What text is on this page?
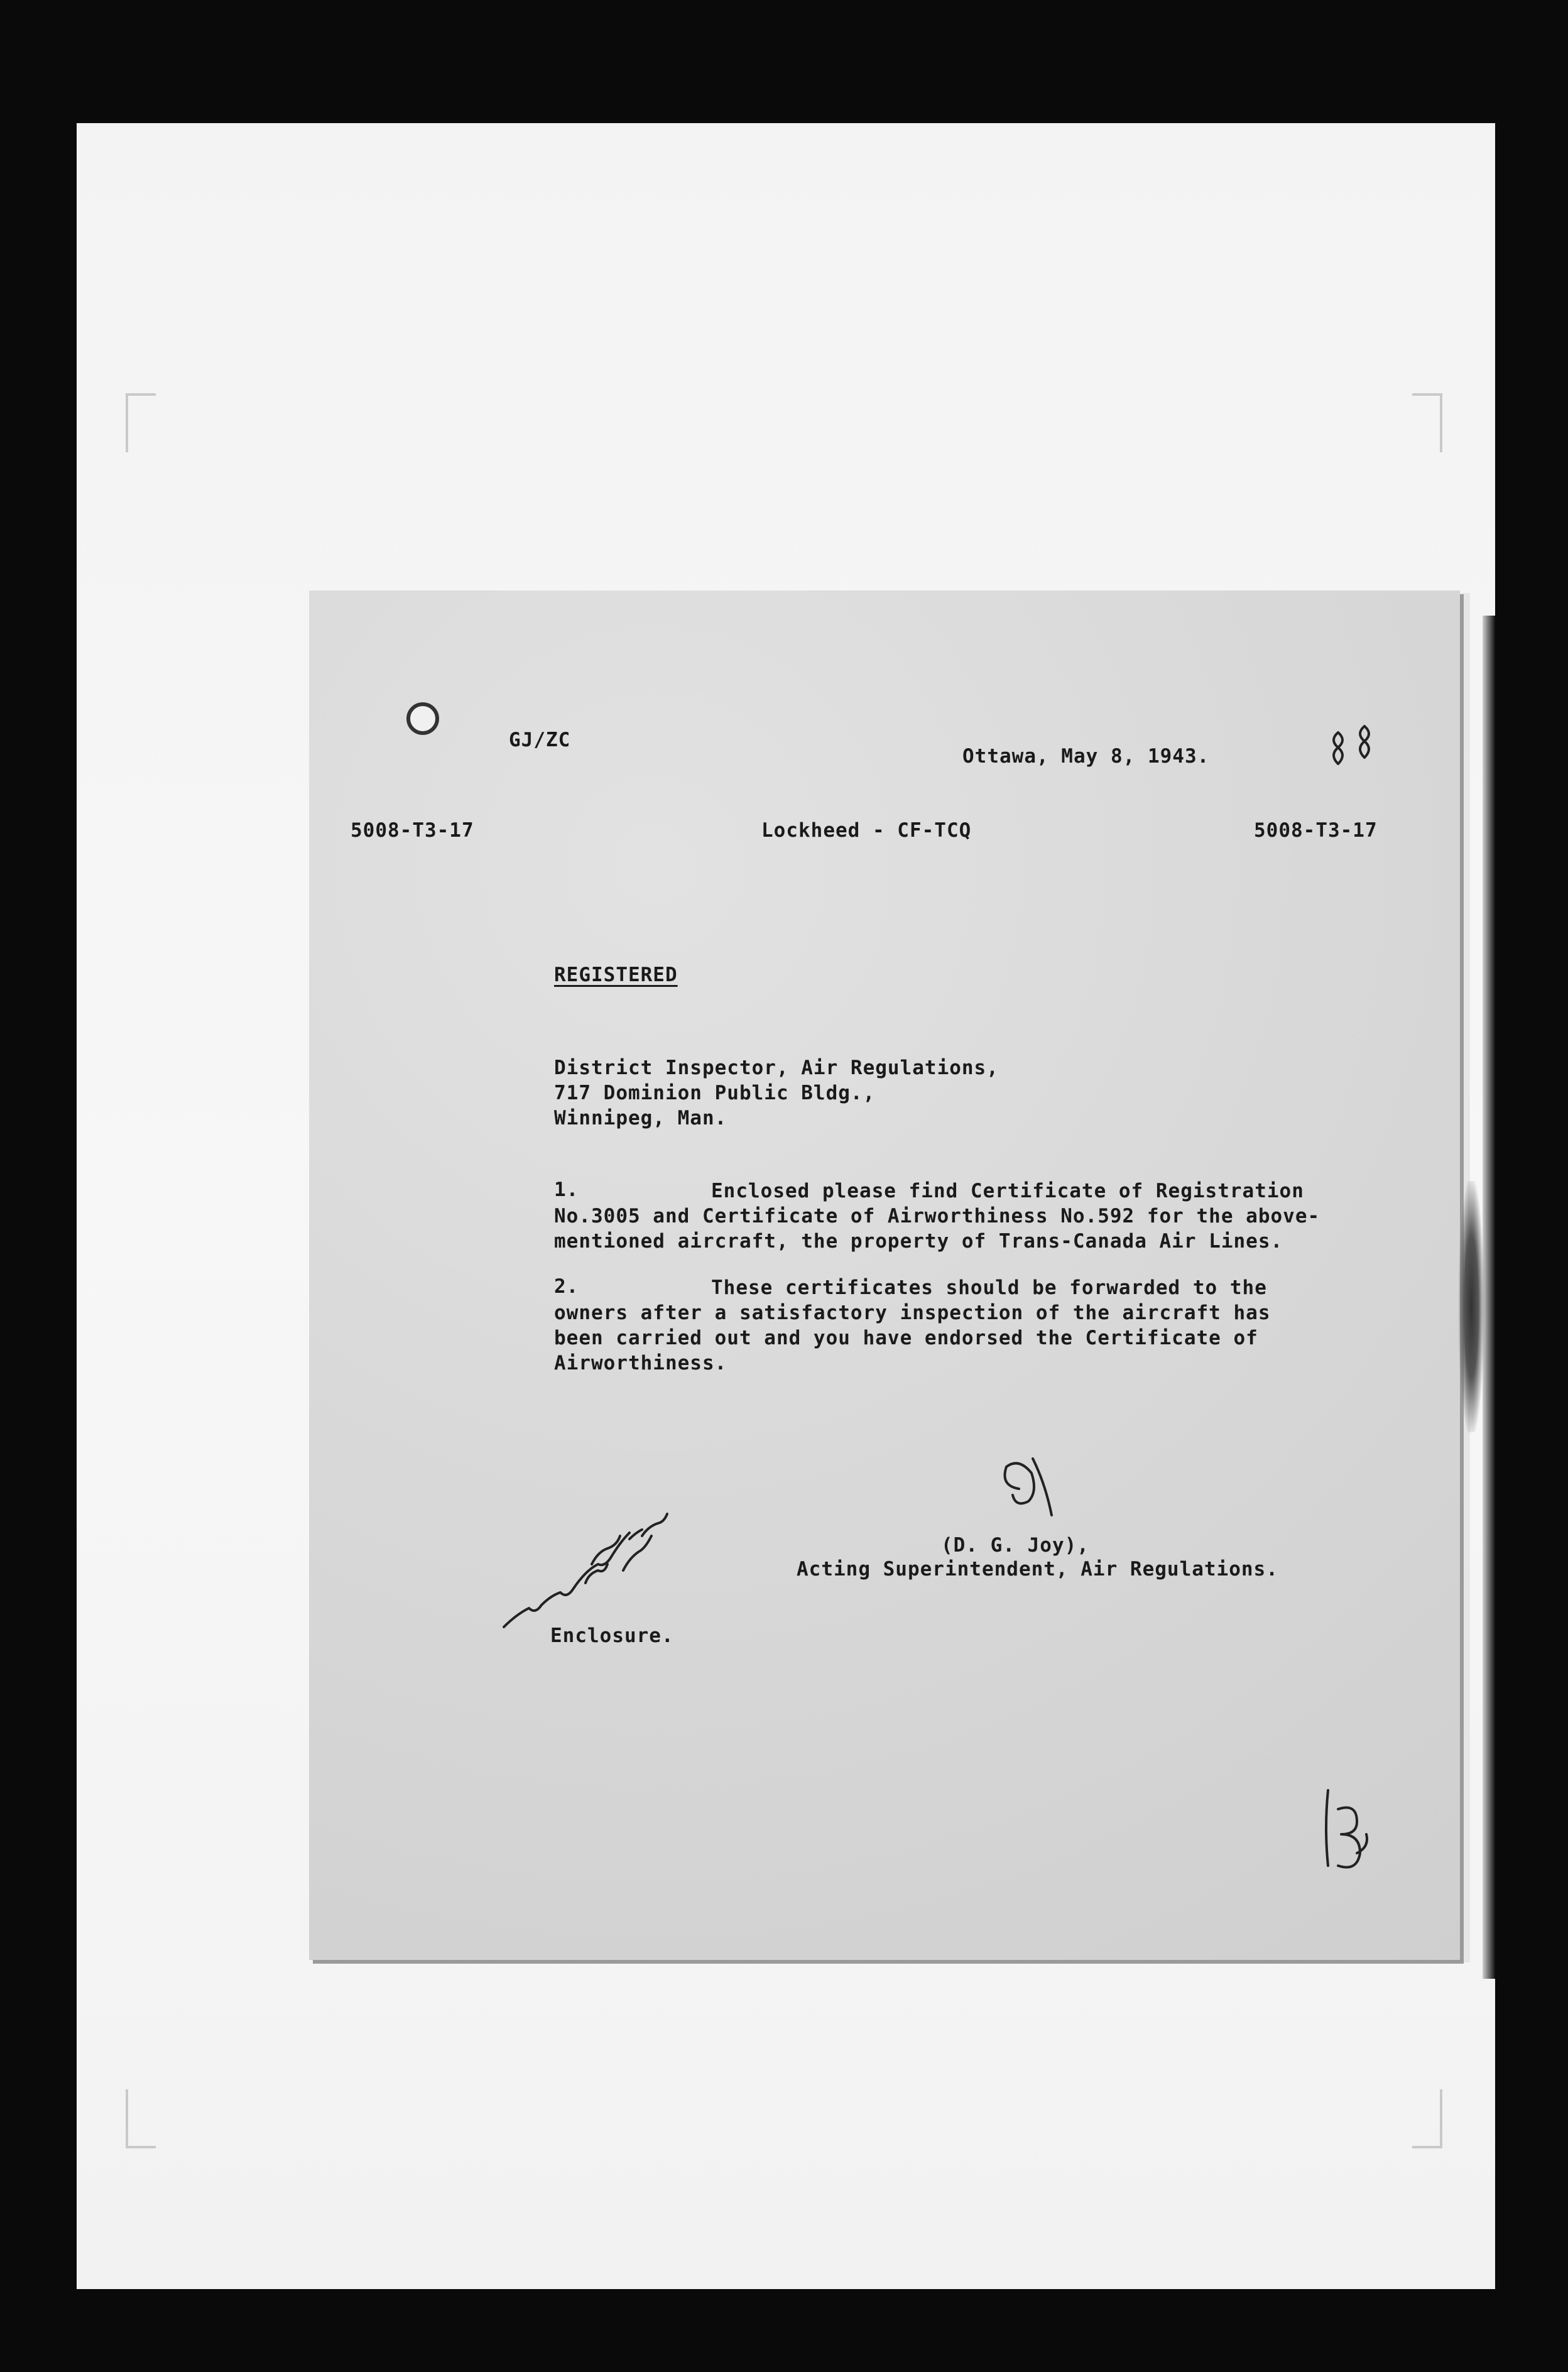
GJ/ZC
Ottawa, May 8, 1943.
5008-T3-17	Lockheed - CF-TCQ	5008-T3-17
REGISTERED
District Inspector, Air Regulations,
717 Dominion Public Bldg.,
Winnipeg, Man.
1.	Enclosed please find Certificate of Registration
No.3005 and Certificate of Airworthiness No.592 for the above-
mentioned aircraft, the property of Trans-Canada Air Lines.
2.	These certificates should be forwarded to the
owners after a satisfactory inspection of the aircraft has
been carried out and you have endorsed the Certificate of
Airworthiness.
(D. G. Joy),
Acting Superintendent, Air Regulations.
Enclosure.
